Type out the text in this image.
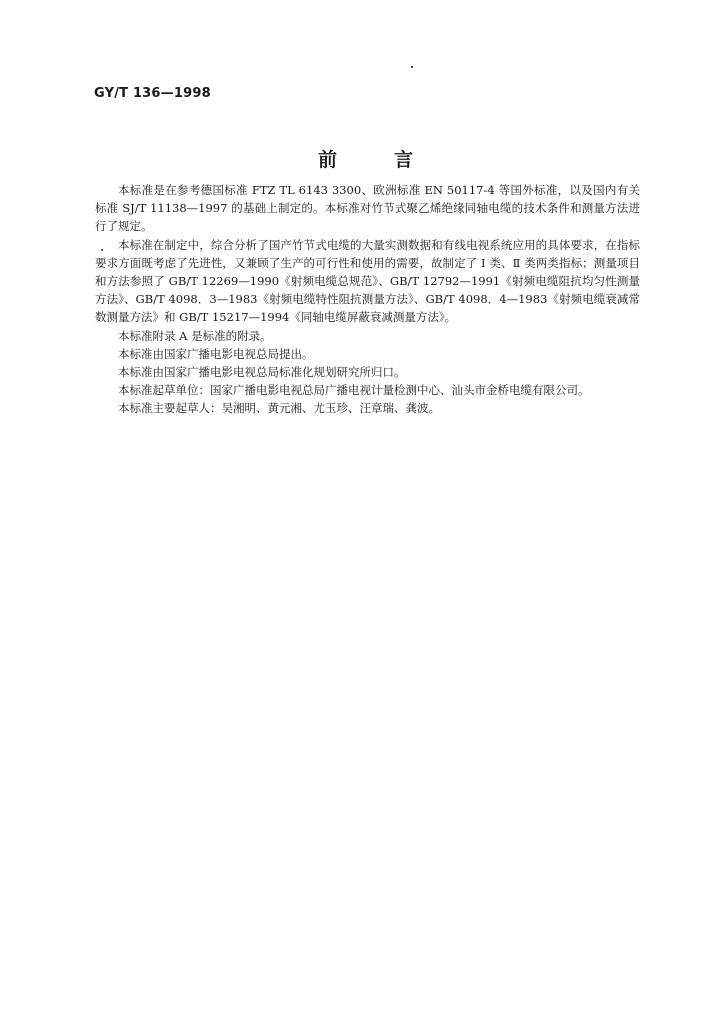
GY/T 136—1998
前	言

本标准是在参考德国标准 FTZ TL 6143 3300、欧洲标准 EN 50117-4 等国外标准，以及国内有关标准 SJ/T 11138—1997 的基础上制定的。本标准对竹节式聚乙烯绝缘同轴电缆的技术条件和测量方法进行了规定。

本标准在制定中，综合分析了国产竹节式电缆的大量实测数据和有线电视系统应用的具体要求，在指标要求方面既考虑了先进性，又兼顾了生产的可行性和使用的需要，故制定了 Ⅰ 类、Ⅱ 类两类指标；测量项目和方法参照了 GB/T 12269—1990《射频电缆总规范》、GB/T 12792—1991《射频电缆阻抗均匀性测量方法》、GB/T 4098．3—1983《射频电缆特性阻抗测量方法》、GB/T 4098．4—1983《射频电缆衰减常数测量方法》和 GB/T 15217—1994《同轴电缆屏蔽衰减测量方法》。

本标准附录 A 是标准的附录。

本标准由国家广播电影电视总局提出。

本标准由国家广播电影电视总局标准化规划研究所归口。

本标准起草单位：国家广播电影电视总局广播电视计量检测中心、汕头市金桥电缆有限公司。

本标准主要起草人：吴湘明、黄元湘、尤玉珍、汪章瑞、龚波。
